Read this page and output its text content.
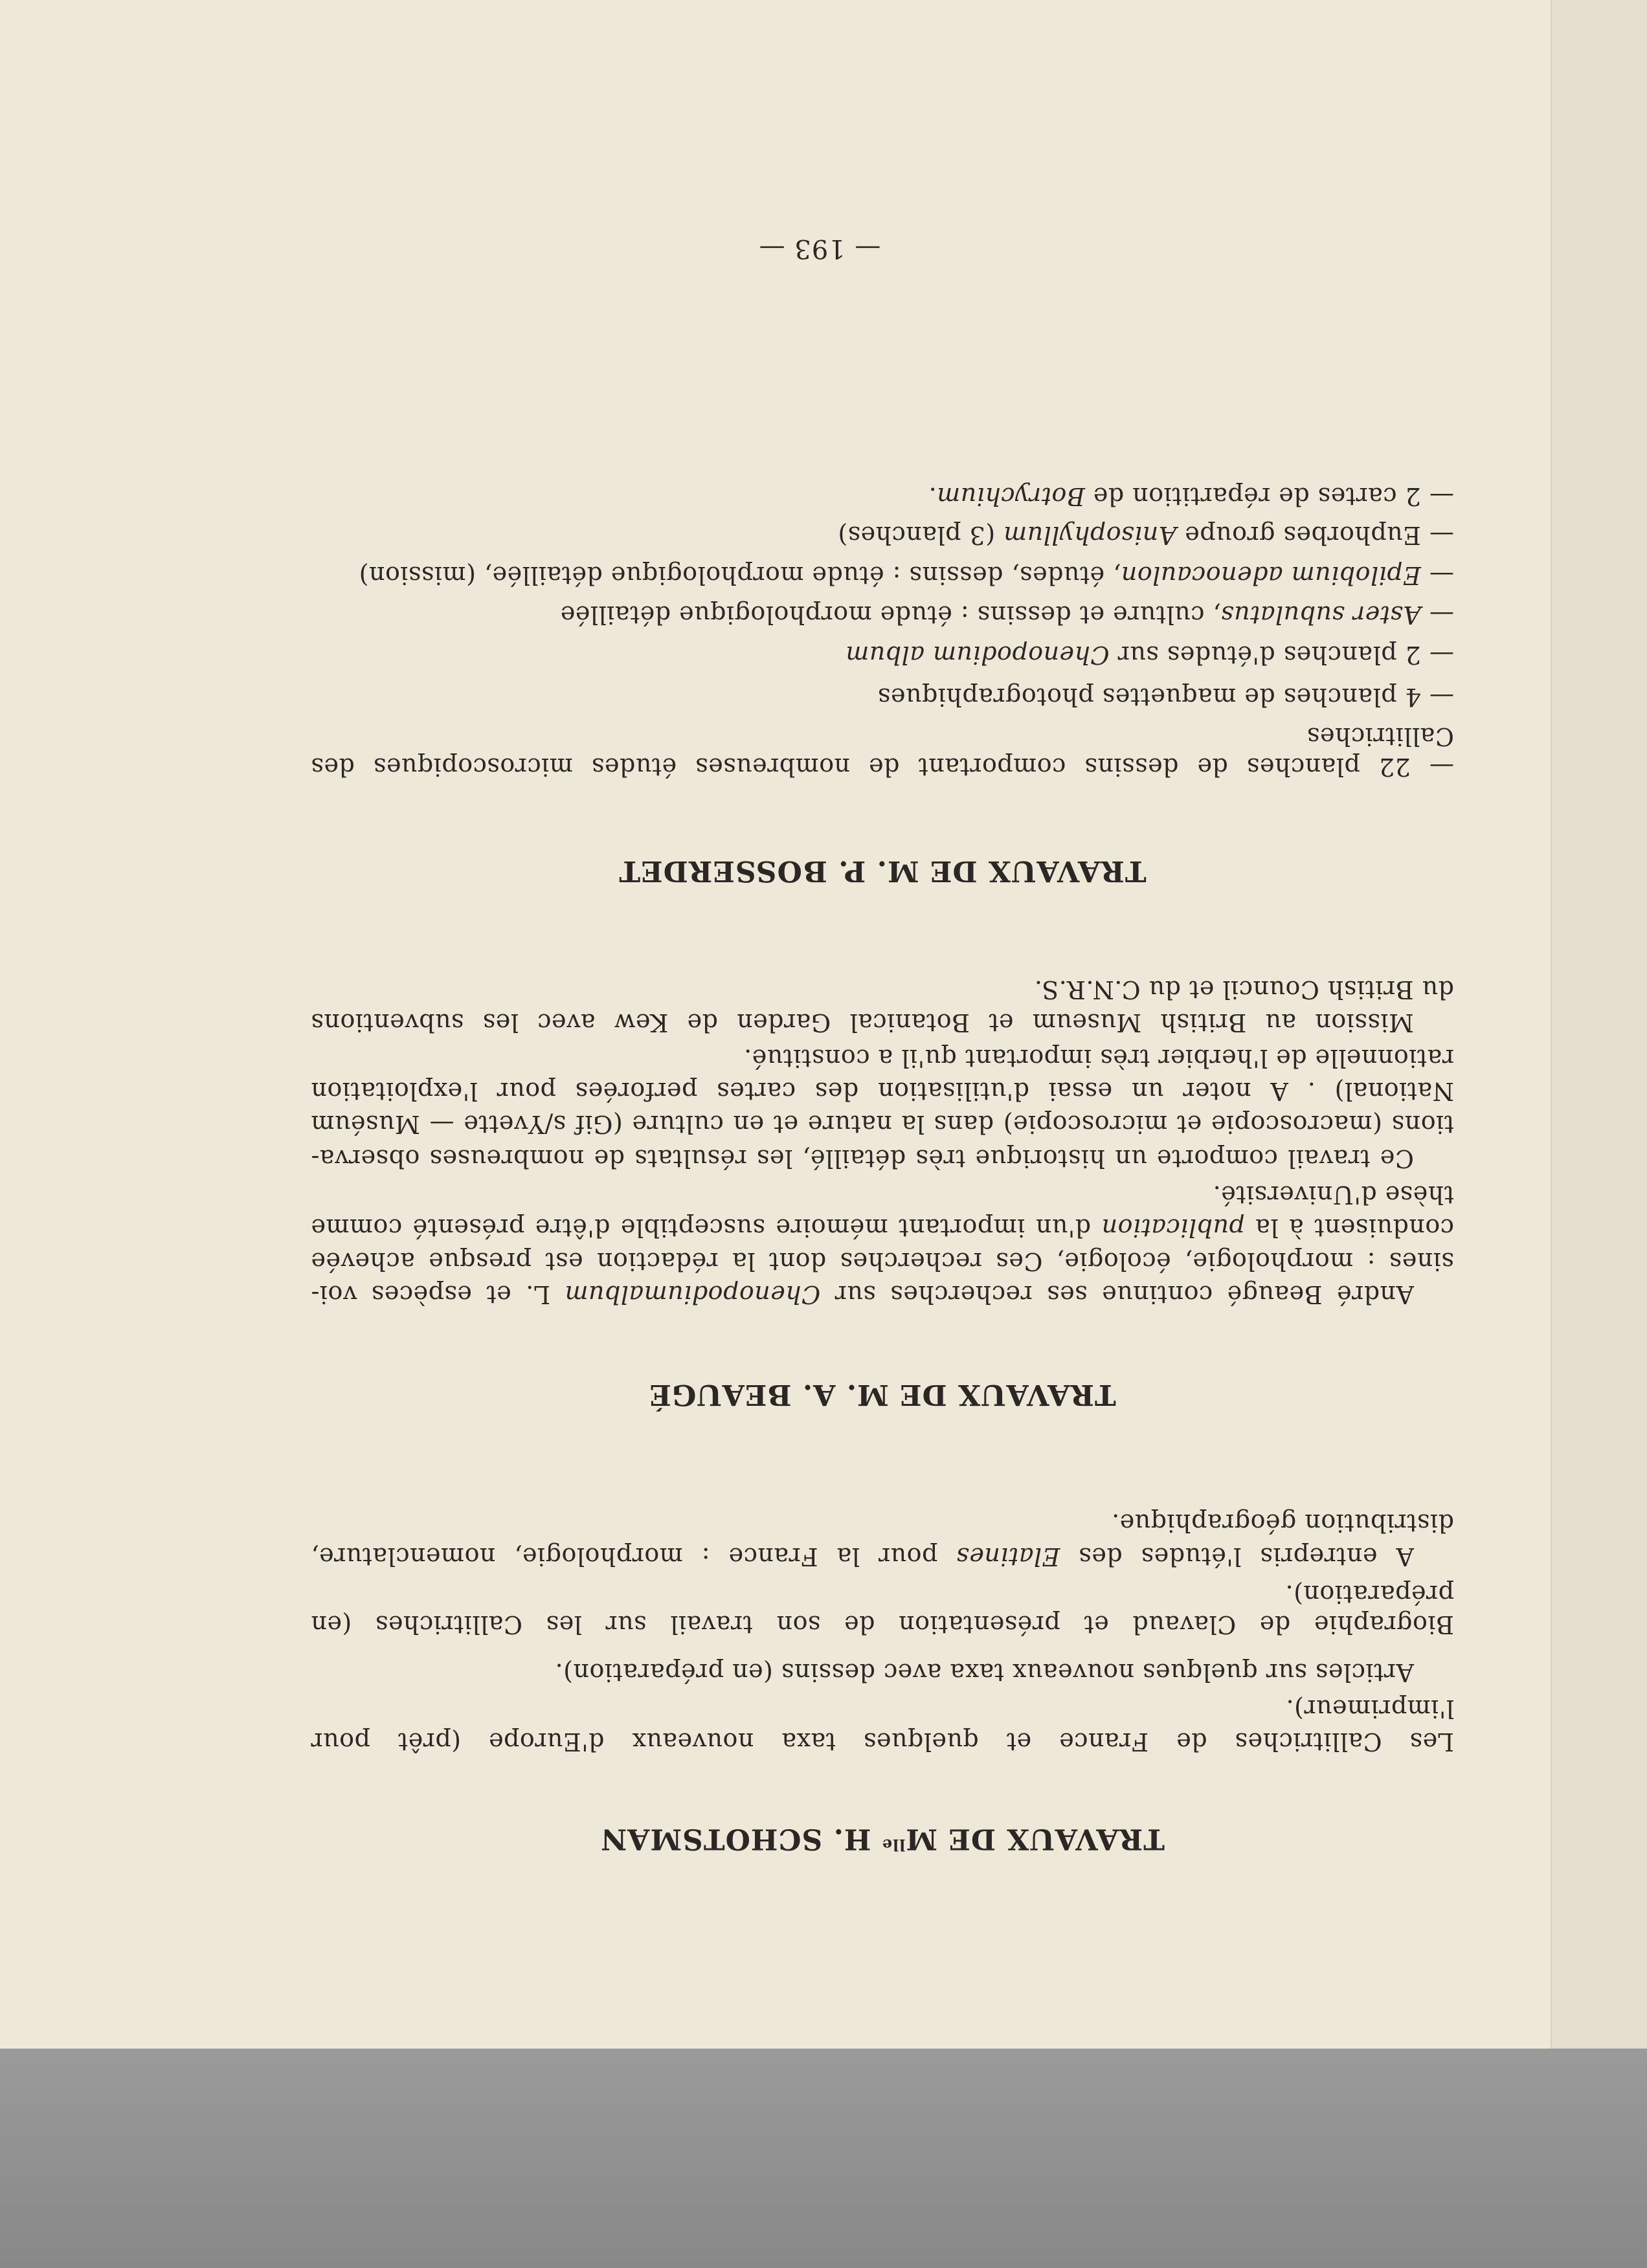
TRAVAUX DE $M^{lle}$ H. SCHOTSMAN
Les Callitriches de France et quelques taxa nouveaux d'Europe (prêt pour
l'imprimeur).
Articles sur quelques nouveaux taxa avec dessins (en préparation).
Biographie de Clavaud et présentation de son travail sur les Callitriches (en
préparation).
A entrepris l'études des Elatines pour la France : morphologie, nomenclature,
distribution géographique.
TRAVAUX DE M. A. BEAUGÉ
André Beaugé continue ses recherches sur Chenopodiumalbum L. et espèces voi-
sines : morphologie, écologie, Ces recherches dont la rédaction est presque achevée
conduisent à la publication d'un important mémoire susceptible d'être présenté comme
thèse d'Université.
Ce travail comporte un historique très détaillé, les résultats de nombreuses observa-
tions (macroscopie et microscopie) dans la nature et en culture (Gif s/Yvette — Muséum
National) . A noter un essai d'utilisation des cartes perforées pour l'exploitation
rationnelle de l'herbier très important qu'il a constitué.
Mission au British Museum et Botanical Garden de Kew avec les subventions
du British Council et du C.N.R.S.
TRAVAUX DE M. P. BOSSERDET
— 22 planches de dessins comportant de nombreuses études microscopiques des
Callitriches
— 4 planches de maquettes photographiques
— 2 planches d'études sur Chenopodium album
— Aster subulatus, culture et dessins : étude morphologique détaillée
— Epilobium adenocaulon, études, dessins : étude morphologique détaillée, (mission)
— Euphorbes groupe Anisophyllum (3 planches)
— 2 cartes de répartition de Botrychium.
— 193 —
